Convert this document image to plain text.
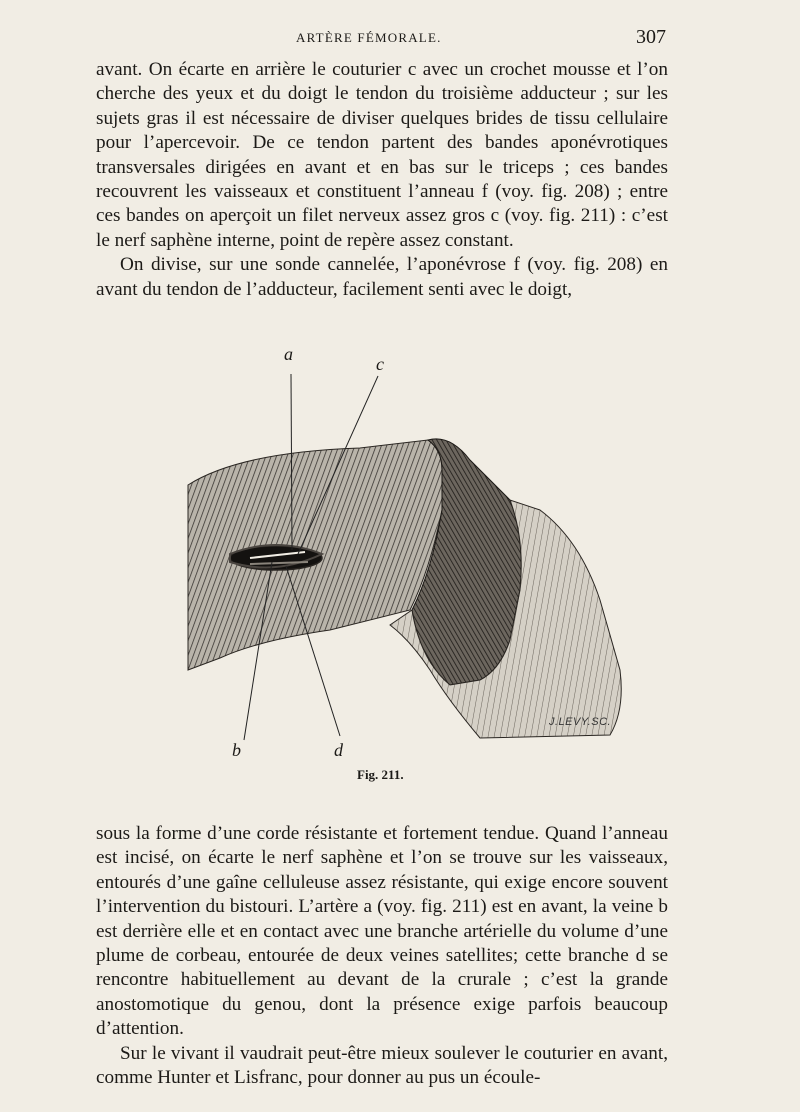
ARTÈRE FÉMORALE.	307

avant. On écarte en arrière le couturier c avec un crochet mousse et l’on cherche des yeux et du doigt le tendon du troisième adducteur ; sur les sujets gras il est nécessaire de diviser quelques brides de tissu cellulaire pour l’apercevoir. De ce tendon partent des bandes aponévrotiques transversales dirigées en avant et en bas sur le triceps ; ces bandes recouvrent les vaisseaux et constituent l’anneau f (voy. fig. 208) ; entre ces bandes on aperçoit un filet nerveux assez gros c (voy. fig. 211) : c’est le nerf saphène interne, point de repère assez constant.

On divise, sur une sonde cannelée, l’aponévrose f (voy. fig. 208) en avant du tendon de l’adducteur, facilement senti avec le doigt,

a	c
b	d
J.LEVY.SC.
Fig. 211.

sous la forme d’une corde résistante et fortement tendue. Quand l’anneau est incisé, on écarte le nerf saphène et l’on se trouve sur les vaisseaux, entourés d’une gaîne celluleuse assez résistante, qui exige encore souvent l’intervention du bistouri. L’artère a (voy. fig. 211) est en avant, la veine b est derrière elle et en contact avec une branche artérielle du volume d’une plume de corbeau, entourée de deux veines satellites; cette branche d se rencontre habituellement au devant de la crurale ; c’est la grande anostomotique du genou, dont la présence exige parfois beaucoup d’attention.

Sur le vivant il vaudrait peut-être mieux soulever le couturier en avant, comme Hunter et Lisfranc, pour donner au pus un écoule-
